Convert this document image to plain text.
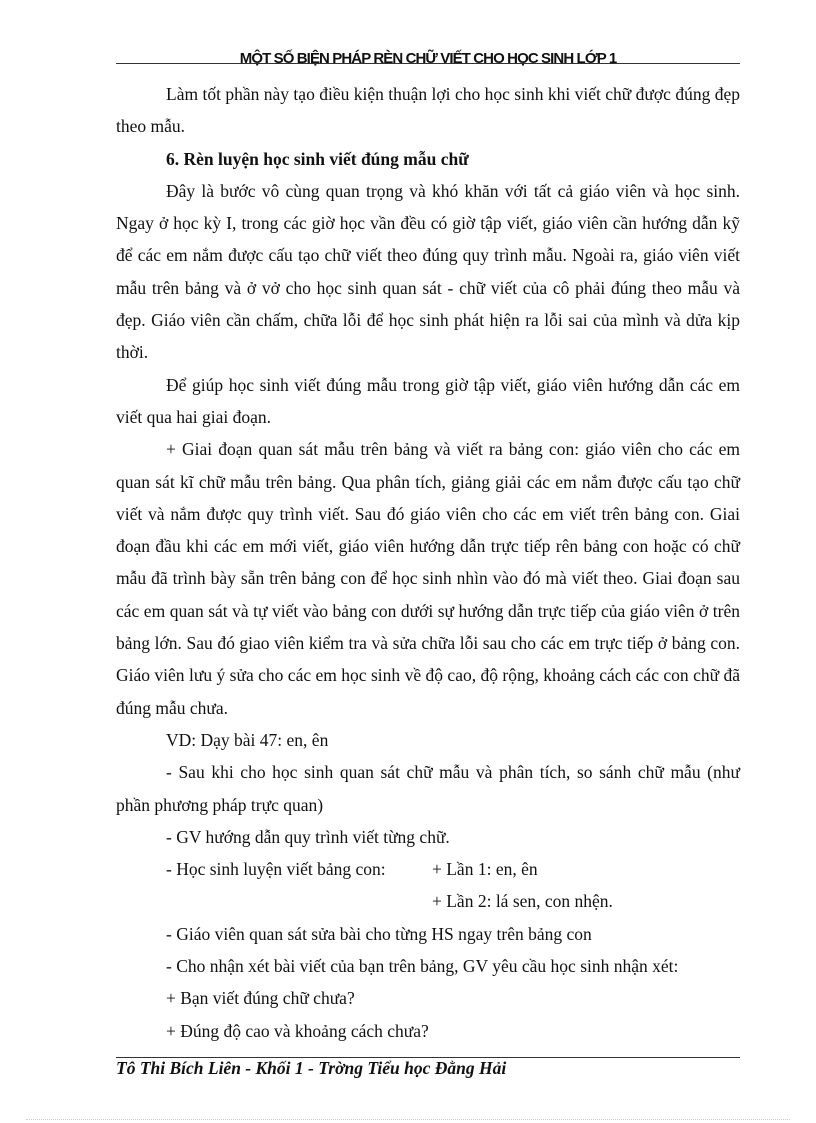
MỘT SỐ BIỆN PHÁP RÈN CHỮ VIẾT CHO HỌC SINH LỚP 1

Làm tốt phần này tạo điều kiện thuận lợi cho học sinh khi viết chữ được đúng đẹp theo mẫu.

6. Rèn luyện học sinh viết đúng mẫu chữ

Đây là bước vô cùng quan trọng và khó khăn với tất cả giáo viên và học sinh. Ngay ở học kỳ I, trong các giờ học vần đều có giờ tập viết, giáo viên cần hướng dẫn kỹ để các em nắm được cấu tạo chữ viết theo đúng quy trình mẫu. Ngoài ra, giáo viên viết mẫu trên bảng và ở vở cho học sinh quan sát - chữ viết của cô phải đúng theo mẫu và đẹp. Giáo viên cần chấm, chữa lỗi để học sinh phát hiện ra lỗi sai của mình và dửa kịp thời.

Để giúp học sinh viết đúng mẫu trong giờ tập viết, giáo viên hướng dẫn các em viết qua hai giai đoạn.

+ Giai đoạn quan sát mẫu trên bảng và viết ra bảng con: giáo viên cho các em quan sát kĩ chữ mẫu trên bảng. Qua phân tích, giảng giải các em nắm được cấu tạo chữ viết và nắm được quy trình viết. Sau đó giáo viên cho các em viết trên bảng con. Giai đoạn đầu khi các em mới viết, giáo viên hướng dẫn trực tiếp rên bảng con hoặc có chữ mẫu đã trình bày sẵn trên bảng con để học sinh nhìn vào đó mà viết theo. Giai đoạn sau các em quan sát và tự viết vào bảng con dưới sự hướng dẫn trực tiếp của giáo viên ở trên bảng lớn. Sau đó giao viên kiểm tra và sửa chữa lỗi sau cho các em trực tiếp ở bảng con. Giáo viên lưu ý sửa cho các em học sinh về độ cao, độ rộng, khoảng cách các con chữ đã đúng mẫu chưa.

VD: Dạy bài 47: en, ên

- Sau khi cho học sinh quan sát chữ mẫu và phân tích, so sánh chữ mẫu (như phần phương pháp trực quan)

- GV hướng dẫn quy trình viết từng chữ.

- Học sinh luyện viết bảng con:	+ Lần 1: en, ên
+ Lần 2: lá sen, con nhện.

- Giáo viên quan sát sửa bài cho từng HS ngay trên bảng con

- Cho nhận xét bài viết của bạn trên bảng, GV yêu cầu học sinh nhận xét:

+ Bạn viết đúng chữ chưa?

+ Đúng độ cao và khoảng cách chưa?

Tô Thi Bích Liên - Khối 1 - Trờng Tiểu học Đằng Hải
